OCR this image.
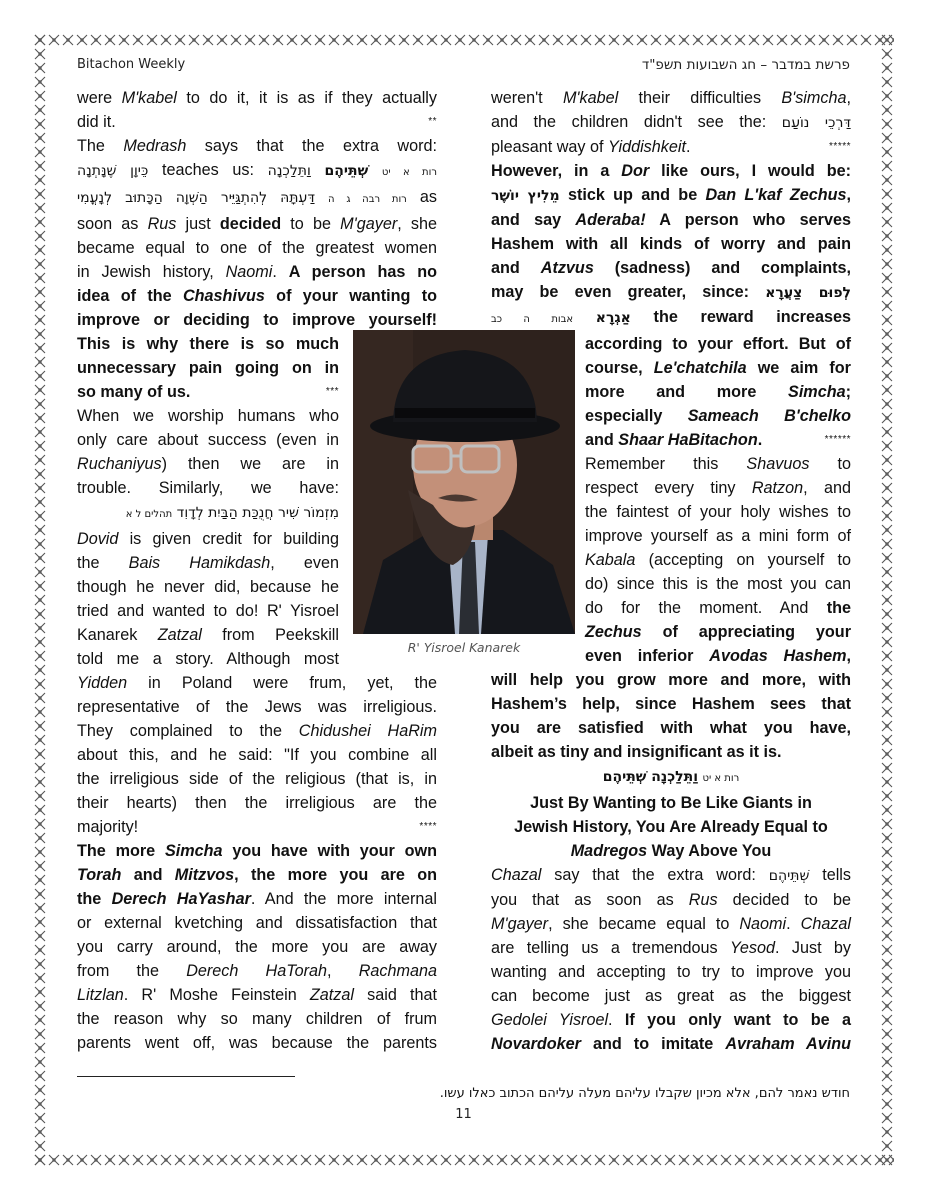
Bitachon Weekly	פרשת במדבר – חג השבועות תשפ"ד
were M'kabel to do it, it is as if they actually
did it.	**
The Medrash says that the extra word:
כֵּיוָן שֶׁנָּתְנָה teaches us: וַתֵּלַכְנָה שְׁתֵּיהֶם רות א יט
דַּעְתָּהּ לְהִתְגַּיֵּיר הַשְׁוָה הַכָּתוּב לְנָעֳמִי רות רבה ג ה as
soon as Rus just decided to be M'gayer, she
became equal to one of the greatest women
in Jewish history, Naomi. A person has no
idea of the Chashivus of your wanting to
improve or deciding to improve yourself!
This is why there is so much
unnecessary pain going on in
so many of us.	***
When we worship humans who
only care about success (even in
Ruchaniyus) then we are in
trouble. Similarly, we have:
מִזְמוֹר שִׁיר חֲנֻכַּת הַבַּיִת לְדָוִד תהלים ל א
Dovid is given credit for building
the Bais Hamikdash, even
though he never did, because he
tried and wanted to do! R' Yisroel
Kanarek Zatzal from Peekskill
told me a story. Although most
Yidden in Poland were frum, yet, the
representative of the Jews was irreligious.
They complained to the Chidushei HaRim
about this, and he said: "If you combine all
the irreligious side of the religious (that is, in
their hearts) then the irreligious are the
majority!	****
The more Simcha you have with your own
Torah and Mitzvos, the more you are on
the Derech HaYashar. And the more internal
or external kvetching and dissatisfaction that
you carry around, the more you are away
from the Derech HaTorah, Rachmana
Litzlan. R' Moshe Feinstein Zatzal said that
the reason why so many children of frum
parents went off, was because the parents
weren't M'kabel their difficulties B'simcha,
and the children didn't see the: דַּרְכֵי נוֹעַם
pleasant way of Yiddishkeit.	*****
However, in a Dor like ours, I would be:
מֵלִיץ יוֹשֶׁר stick up and be Dan L'kaf Zechus,
and say Aderaba! A person who serves
Hashem with all kinds of worry and pain
and Atzvus (sadness) and complaints,
may be even greater, since: לְפוּם צַעֲרָא
אבות ה כב אַגְרָא the reward increases
according to your effort. But of
course, Le'chatchila we aim for
more and more Simcha;
especially Sameach B'chelko
and Shaar HaBitachon.	******
Remember this Shavuos to
respect every tiny Ratzon, and
the faintest of your holy wishes to
improve yourself as a mini form of
Kabala (accepting on yourself to
do) since this is the most you can
do for the moment. And the
Zechus of appreciating your
even inferior Avodas Hashem,
will help you grow more and more, with
Hashem’s help, since Hashem sees that
you are satisfied with what you have,
albeit as tiny and insignificant as it is.
וַתֵּלַכְנָה שְׁתֵּיהֶם רות א יט
Just By Wanting to Be Like Giants in
Jewish History, You Are Already Equal to
Madregos Way Above You
Chazal say that the extra word: שְׁתֵּיהֶם tells
you that as soon as Rus decided to be
M'gayer, she became equal to Naomi. Chazal
are telling us a tremendous Yesod. Just by
wanting and accepting to try to improve you
can become just as great as the biggest
Gedolei Yisroel. If you only want to be a
Novardoker and to imitate Avraham Avinu
R' Yisroel Kanarek
חודש נאמר להם, אלא מכיון שקבלו עליהם מעלה עליהם הכתוב כאלו עשו.
11
